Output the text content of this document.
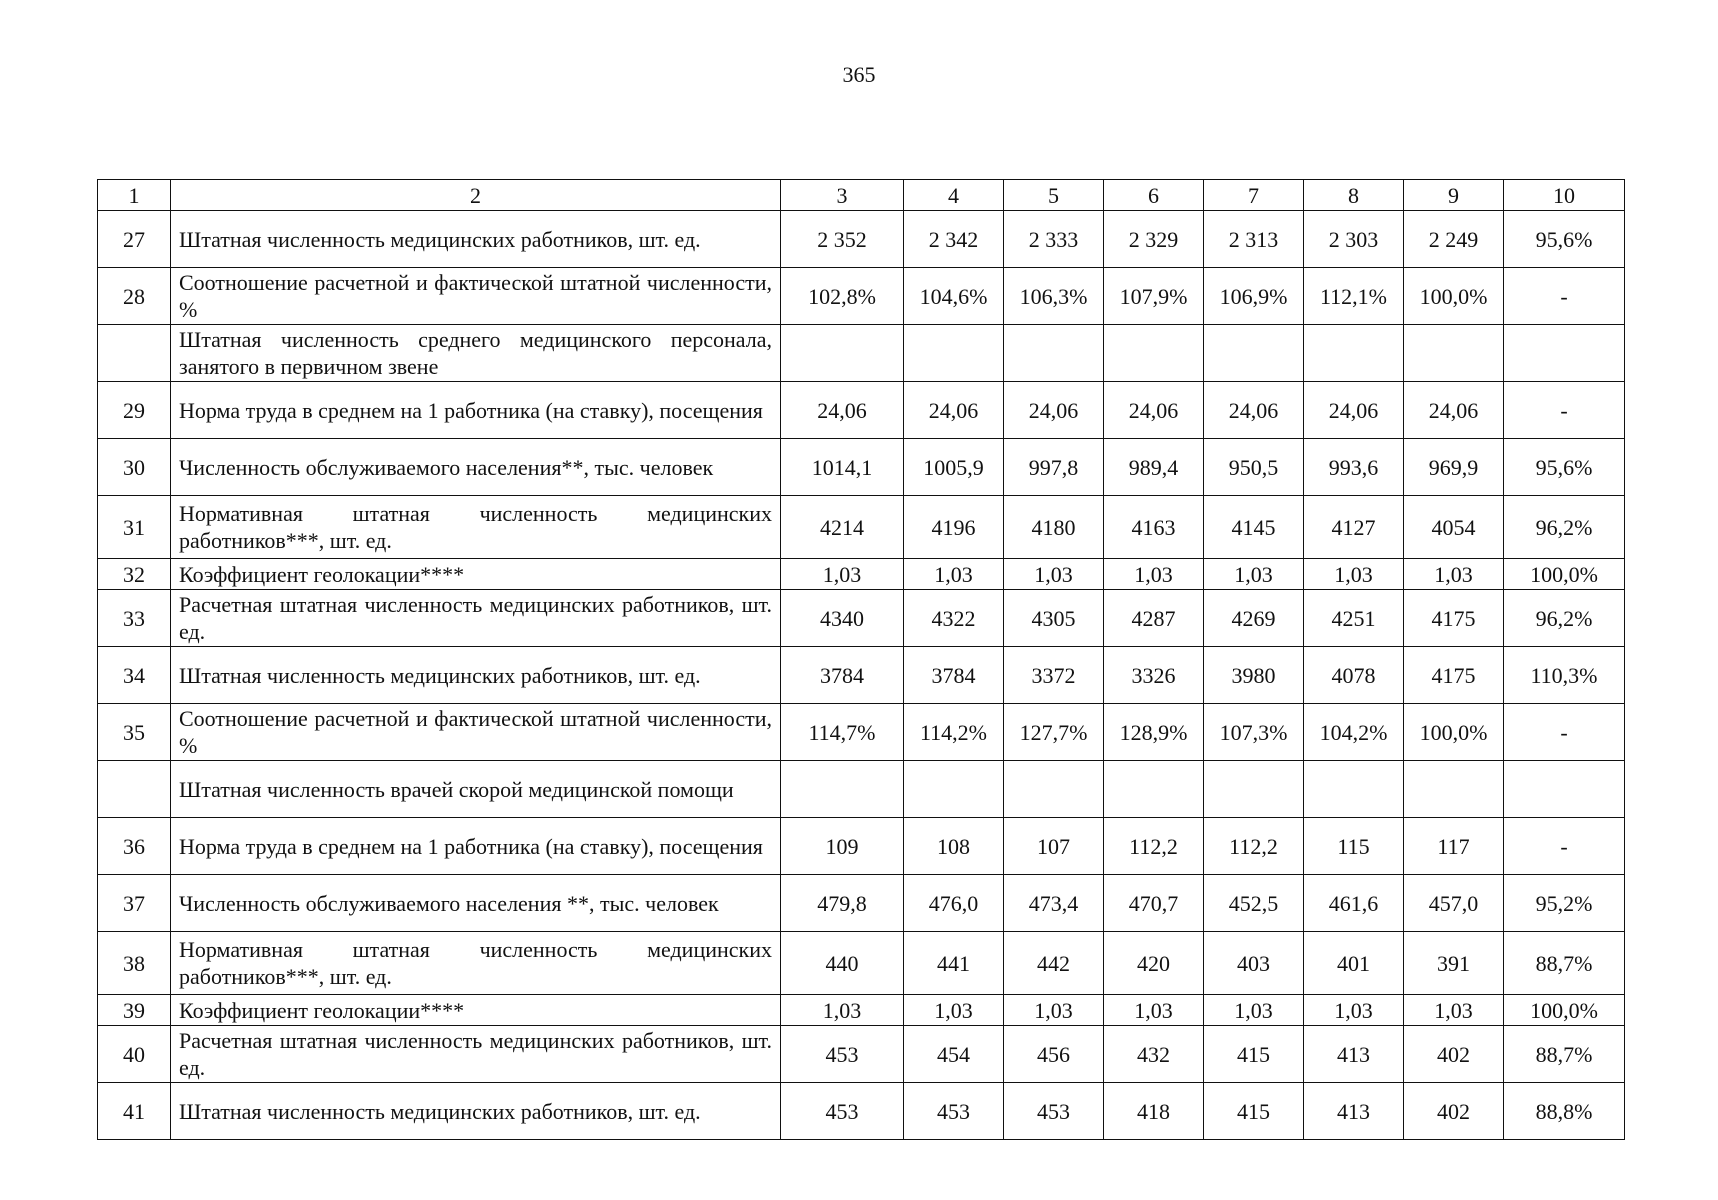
365
1	2	3	4	5	6	7	8	9	10
27	Штатная численность медицинских работников, шт. ед.	2 352	2 342	2 333	2 329	2 313	2 303	2 249	95,6%
28	Соотношение расчетной и фактической штатной численности, %	102,8%	104,6%	106,3%	107,9%	106,9%	112,1%	100,0%	-
	Штатная численность среднего медицинского персонала, занятого в первичном звене								
29	Норма труда в среднем на 1 работника (на ставку), посещения	24,06	24,06	24,06	24,06	24,06	24,06	24,06	-
30	Численность обслуживаемого населения**, тыс. человек	1014,1	1005,9	997,8	989,4	950,5	993,6	969,9	95,6%
31	Нормативная штатная численность медицинских работников***, шт. ед.	4214	4196	4180	4163	4145	4127	4054	96,2%
32	Коэффициент геолокации****	1,03	1,03	1,03	1,03	1,03	1,03	1,03	100,0%
33	Расчетная штатная численность медицинских работников, шт. ед.	4340	4322	4305	4287	4269	4251	4175	96,2%
34	Штатная численность медицинских работников, шт. ед.	3784	3784	3372	3326	3980	4078	4175	110,3%
35	Соотношение расчетной и фактической штатной численности, %	114,7%	114,2%	127,7%	128,9%	107,3%	104,2%	100,0%	-
	Штатная численность врачей скорой медицинской помощи								
36	Норма труда в среднем на 1 работника (на ставку), посещения	109	108	107	112,2	112,2	115	117	-
37	Численность обслуживаемого населения **, тыс. человек	479,8	476,0	473,4	470,7	452,5	461,6	457,0	95,2%
38	Нормативная штатная численность медицинских работников***, шт. ед.	440	441	442	420	403	401	391	88,7%
39	Коэффициент геолокации****	1,03	1,03	1,03	1,03	1,03	1,03	1,03	100,0%
40	Расчетная штатная численность медицинских работников, шт. ед.	453	454	456	432	415	413	402	88,7%
41	Штатная численность медицинских работников, шт. ед.	453	453	453	418	415	413	402	88,8%
